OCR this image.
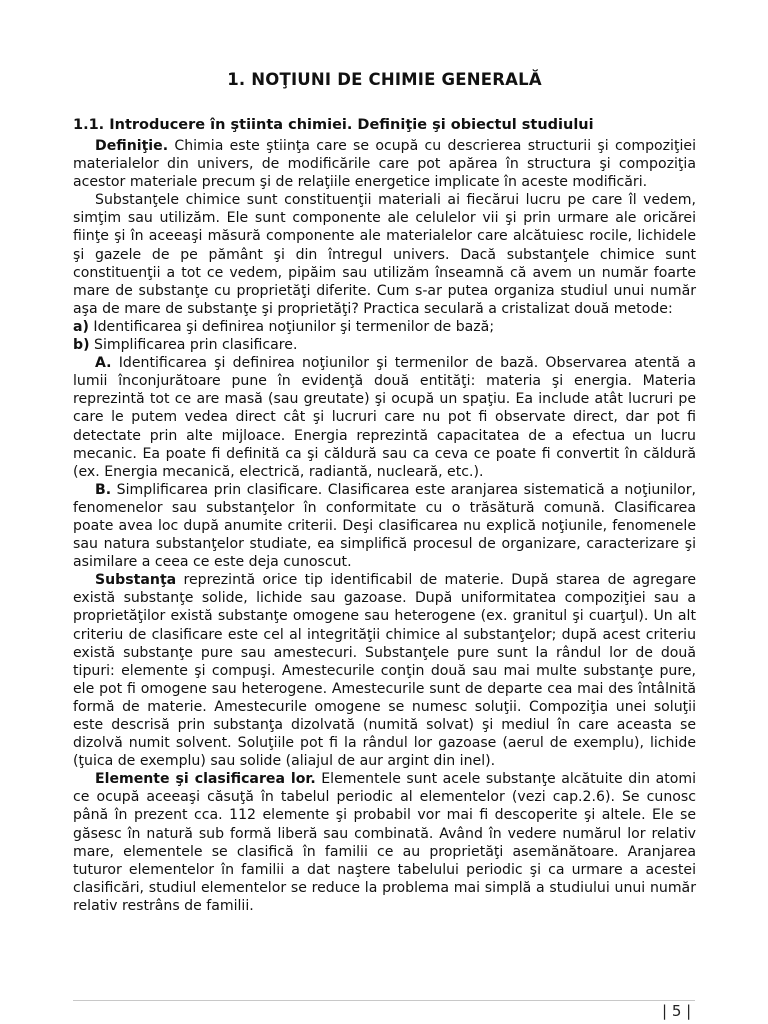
1. NOŢIUNI DE CHIMIE GENERALĂ
1.1. Introducere în ştiinta chimiei. Definiţie şi obiectul studiului

Definiţie. Chimia este ştiinţa care se ocupă cu descrierea structurii şi compoziţiei materialelor din univers, de modificările care pot apărea în structura şi compoziţia acestor materiale precum şi de relaţiile energetice implicate în aceste modificări.

Substanţele chimice sunt constituenţii materiali ai fiecărui lucru pe care îl vedem, simţim sau utilizăm. Ele sunt componente ale celulelor vii şi prin urmare ale oricărei fiinţe şi în aceeaşi măsură componente ale materialelor care alcătuiesc rocile, lichidele şi gazele de pe pământ şi din întregul univers. Dacă substanţele chimice sunt constituenţii a tot ce vedem, pipăim sau utilizăm înseamnă că avem un număr foarte mare de substanţe cu proprietăţi diferite. Cum s-ar putea organiza studiul unui număr aşa de mare de substanţe şi proprietăţi? Practica seculară a cristalizat două metode:

a) Identificarea şi definirea noţiunilor şi termenilor de bază;

b) Simplificarea prin clasificare.

A. Identificarea şi definirea noţiunilor şi termenilor de bază. Observarea atentă a lumii înconjurătoare pune în evidenţă două entităţi: materia şi energia. Materia reprezintă tot ce are masă (sau greutate) şi ocupă un spaţiu. Ea include atât lucruri pe care le putem vedea direct cât şi lucruri care nu pot fi observate direct, dar pot fi detectate prin alte mijloace. Energia reprezintă capacitatea de a efectua un lucru mecanic. Ea poate fi definită ca şi căldură sau ca ceva ce poate fi convertit în căldură (ex. Energia mecanică, electrică, radiantă, nucleară, etc.).

B. Simplificarea prin clasificare. Clasificarea este aranjarea sistematică a noţiunilor, fenomenelor sau substanţelor în conformitate cu o trăsătură comună. Clasificarea poate avea loc după anumite criterii. Deşi clasificarea nu explică noţiunile, fenomenele sau natura substanţelor studiate, ea simplifică procesul de organizare, caracterizare şi asimilare a ceea ce este deja cunoscut.

Substanţa reprezintă orice tip identificabil de materie. După starea de agregare există substanţe solide, lichide sau gazoase. După uniformitatea compoziţiei sau a proprietăţilor există substanţe omogene sau heterogene (ex. granitul şi cuarţul). Un alt criteriu de clasificare este cel al integrităţii chimice al substanţelor; după acest criteriu există substanţe pure sau amestecuri. Substanţele pure sunt la rândul lor de două tipuri: elemente şi compuşi. Amestecurile conţin două sau mai multe substanţe pure, ele pot fi omogene sau heterogene. Amestecurile sunt de departe cea mai des întâlnită formă de materie. Amestecurile omogene se numesc soluţii. Compoziţia unei soluţii este descrisă prin substanţa dizolvată (numită solvat) şi mediul în care aceasta se dizolvă numit solvent. Soluţiile pot fi la rândul lor gazoase (aerul de exemplu), lichide (ţuica de exemplu) sau solide (aliajul de aur argint din inel).

Elemente şi clasificarea lor. Elementele sunt acele substanţe alcătuite din atomi ce ocupă aceeaşi căsuţă în tabelul periodic al elementelor (vezi cap.2.6). Se cunosc până în prezent cca. 112 elemente şi probabil vor mai fi descoperite şi altele. Ele se găsesc în natură sub formă liberă sau combinată. Având în vedere numărul lor relativ mare, elementele se clasifică în familii ce au proprietăţi asemănătoare. Aranjarea tuturor elementelor în familii a dat naştere tabelului periodic şi ca urmare a acestei clasificări, studiul elementelor se reduce la problema mai simplă a studiului unui număr relativ restrâns de familii.

| 5 |
